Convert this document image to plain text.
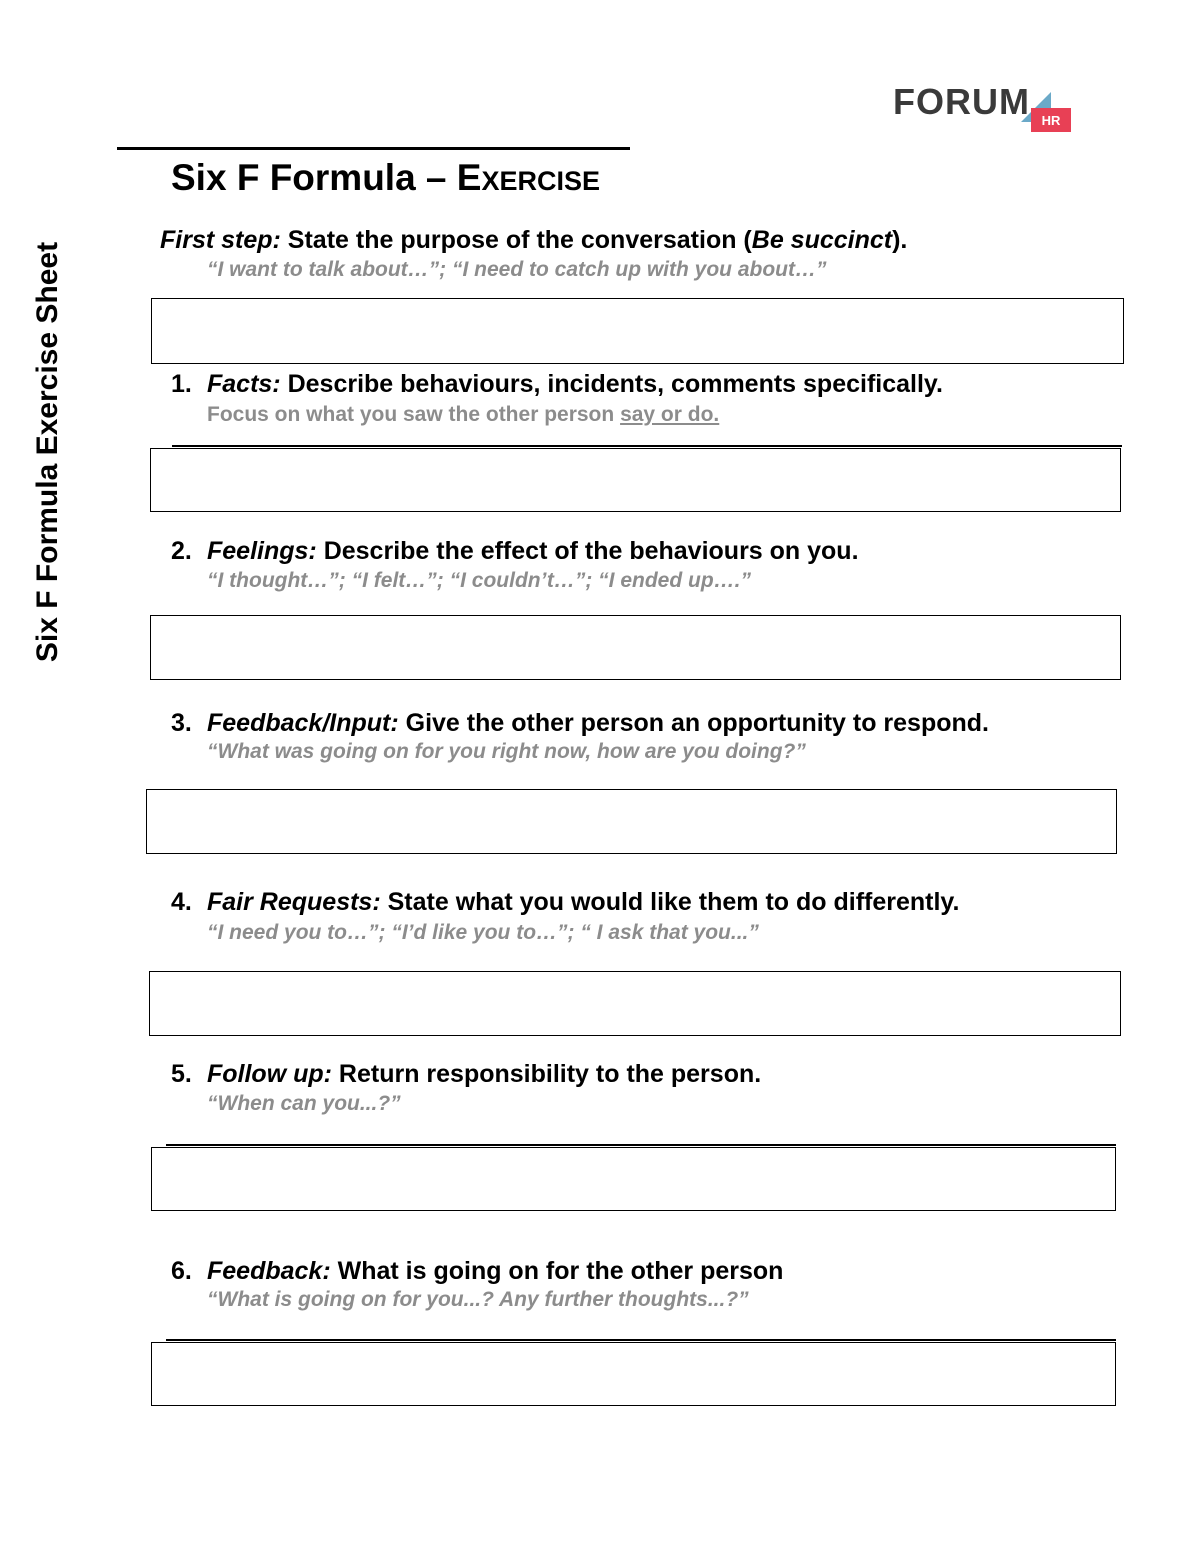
Six F Formula Exercise Sheet
FORUM HR
Six F Formula – EXERCISE
First step: State the purpose of the conversation (Be succinct).
“I want to talk about…”; “I need to catch up with you about…”
1. Facts: Describe behaviours, incidents, comments specifically.
Focus on what you saw the other person say or do.
2. Feelings: Describe the effect of the behaviours on you.
“I thought…”; “I felt…”; “I couldn’t…”; “I ended up….”
3. Feedback/Input: Give the other person an opportunity to respond.
“What was going on for you right now, how are you doing?”
4. Fair Requests: State what you would like them to do differently.
“I need you to…”; “I’d like you to…”; “ I ask that you...”
5. Follow up: Return responsibility to the person.
“When can you...?”
6. Feedback: What is going on for the other person
“What is going on for you...? Any further thoughts...?”
